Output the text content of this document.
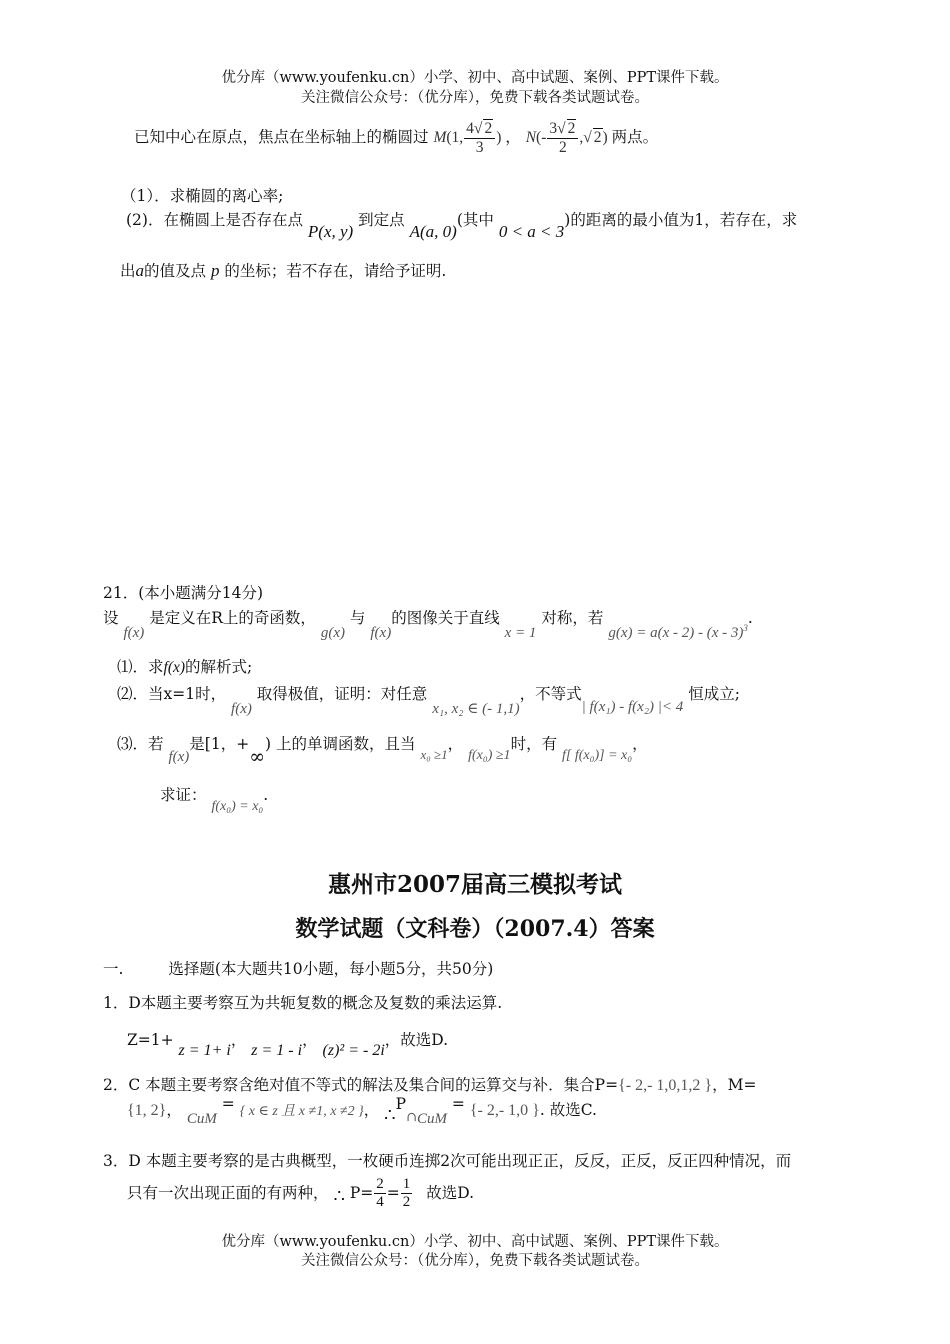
优分库（www.youfenku.cn）小学、初中、高中试题、案例、PPT课件下载。
关注微信公众号：（优分库），免费下载各类试题试卷。
已知中心在原点，焦点在坐标轴上的椭圆过 M(1, $\frac{4√ 2}{3}$ ) ， $N(- \frac{3√ 2}{2}$ ,√ 2) 两点。
（1）．求椭圆的离心率;
(2)．在椭圆上是否存在点 P(x, y) 到定点 A(a, 0)(其中 0 < a < 3)的距离的最小值为1，若存在，求
出a的值及点 p 的坐标；若不存在，请给予证明.
21．(本小题满分14分)
设 f(x) 是定义在R上的奇函数， g(x) 与 f(x)的图像关于直线 x = 1 对称，若 g(x) = a(x - 2) - (x - 3)$^3$.
⑴．求f(x)的解析式;
⑵．当x=1时， f(x) 取得极值，证明：对任意 x₁, x₂ ∈ (- 1,1)，不等式| f(x₁) - f(x₂) |< 4 恒成立;
⑶．若 f(x)是[1，+∞) 上的单调函数，且当 $_{x_0 \ge 1}$， f(x₀) ≥1时，有 f[ f(x₀)] = x₀，
求证： f(x₀) = x₀.
惠州市2007届高三模拟考试
数学试题（文科卷）（2007.4）答案
一.	选择题(本大题共10小题，每小题5分，共50分)
1．D本题主要考察互为共轭复数的概念及复数的乘法运算.
Z=1+ z = 1+ i， z = 1 - i， (z)² = - 2i，故选D.
2．C 本题主要考察含绝对值不等式的解法及集合间的运算交与补．集合P={- 2,- 1,0,1,2 }，M=
{1, 2}， CuM = { x ∈ z 且 x ≠1, x ≠2 }， $\therefore P_\cap CuM$ = {- 2,- 1,0 }. 故选C.
3．D 本题主要考察的是古典概型，一枚硬币连掷2次可能出现正正，反反，正反，反正四种情况，而
只有一次出现正面的有两种， ∴ $P= \frac{2}{4} = \frac{1}{2}$ 故选D.
优分库（www.youfenku.cn）小学、初中、高中试题、案例、PPT课件下载。
关注微信公众号：（优分库），免费下载各类试题试卷。
